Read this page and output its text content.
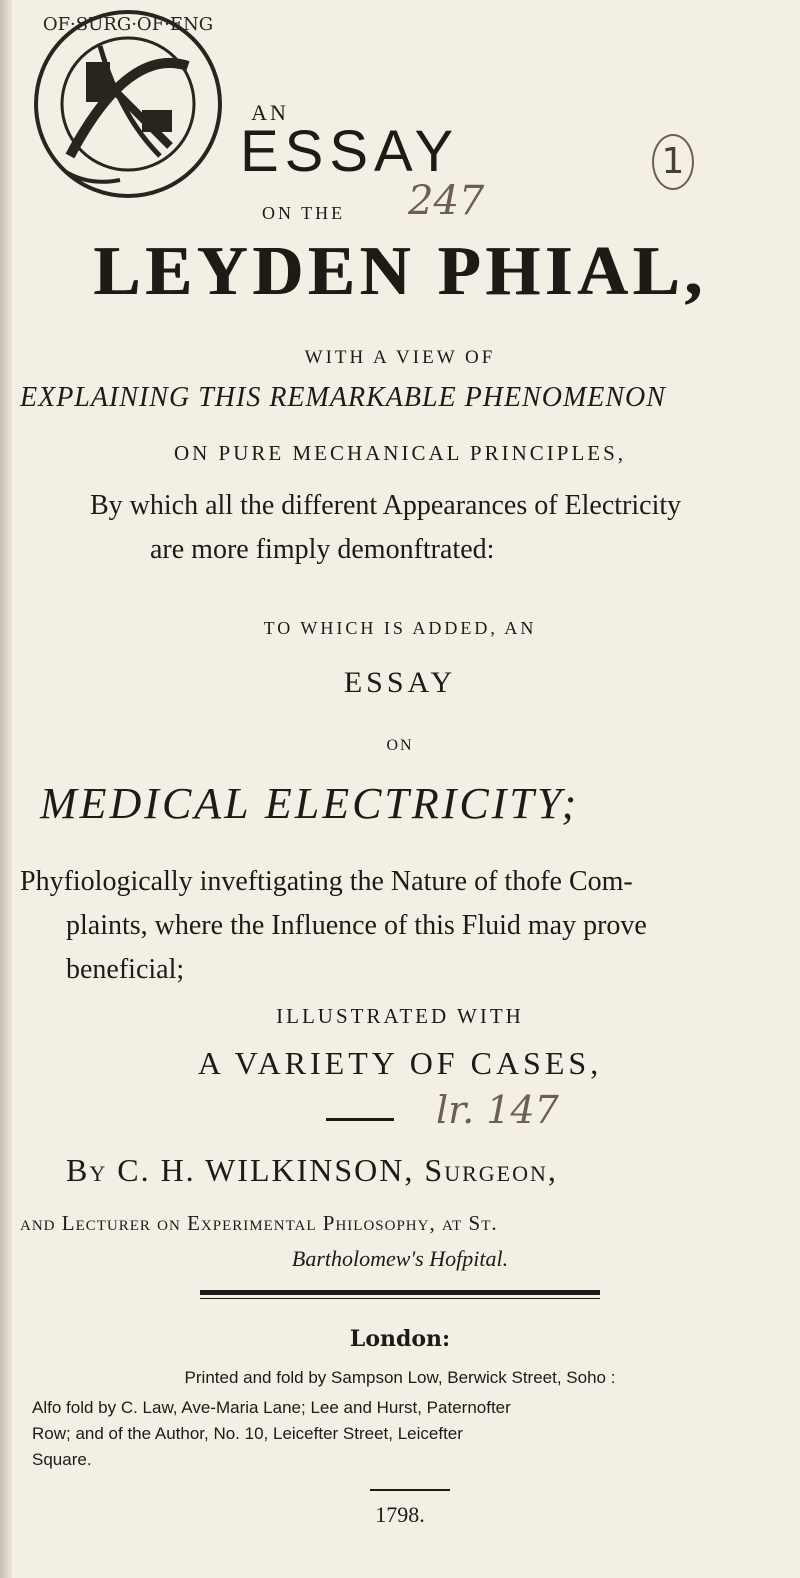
OF·SURG·OF·ENG
AN
ESSAY
ON THE	247
1
LEYDEN PHIAL,
WITH A VIEW OF
EXPLAINING THIS REMARKABLE PHENOMENON
ON PURE MECHANICAL PRINCIPLES,
By which all the different Appearances of Electricity
are more fimply demonftrated:
TO WHICH IS ADDED, AN
ESSAY
ON
MEDICAL ELECTRICITY;
Phyfiologically inveftigating the Nature of thofe Com-
plaints, where the Influence of this Fluid may prove
beneficial;
ILLUSTRATED WITH
A VARIETY OF CASES,
lr. 147
By C. H. WILKINSON, Surgeon,
and Lecturer on Experimental Philosophy, at St.
Bartholomew's Hofpital.
London:
Printed and fold by Sampson Low, Berwick Street, Soho :
Alfo fold by C. Law, Ave-Maria Lane; Lee and Hurst, Paternofter
Row; and of the Author, No. 10, Leicefter Street, Leicefter
Square.
1798.
